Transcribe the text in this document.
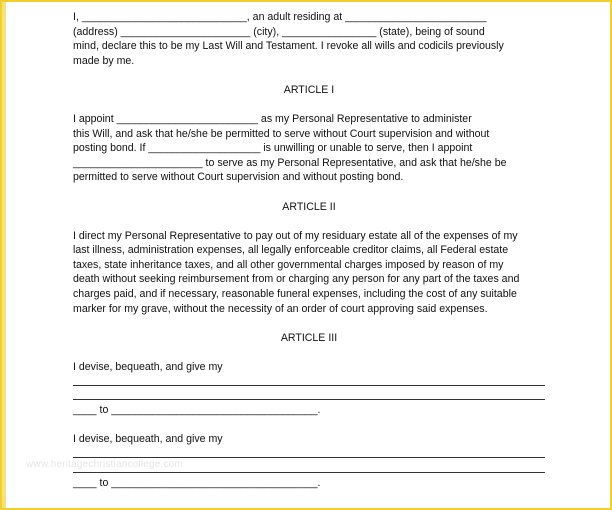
I, ____________________________, an adult residing at ________________________

(address) ______________________ (city), ________________ (state), being of sound

mind, declare this to be my Last Will and Testament. I revoke all wills and codicils previously

made by me.

ARTICLE I

I appoint ________________________ as my Personal Representative to administer

this Will, and ask that he/she be permitted to serve without Court supervision and without

posting bond. If ___________________ is unwilling or unable to serve, then I appoint

______________________ to serve as my Personal Representative, and ask that he/she be

permitted to serve without Court supervision and without posting bond.

ARTICLE II

I direct my Personal Representative to pay out of my residuary estate all of the expenses of my

last illness, administration expenses, all legally enforceable creditor claims, all Federal estate

taxes, state inheritance taxes, and all other governmental charges imposed by reason of my

death without seeking reimbursement from or charging any person for any part of the taxes and

charges paid, and if necessary, reasonable funeral expenses, including the cost of any suitable

marker for my grave, without the necessity of an order of court approving said expenses.

ARTICLE III

I devise, bequeath, and give my

____ to ___________________________________.

I devise, bequeath, and give my

____ to ___________________________________.

www.heritagechristiancollege.com
